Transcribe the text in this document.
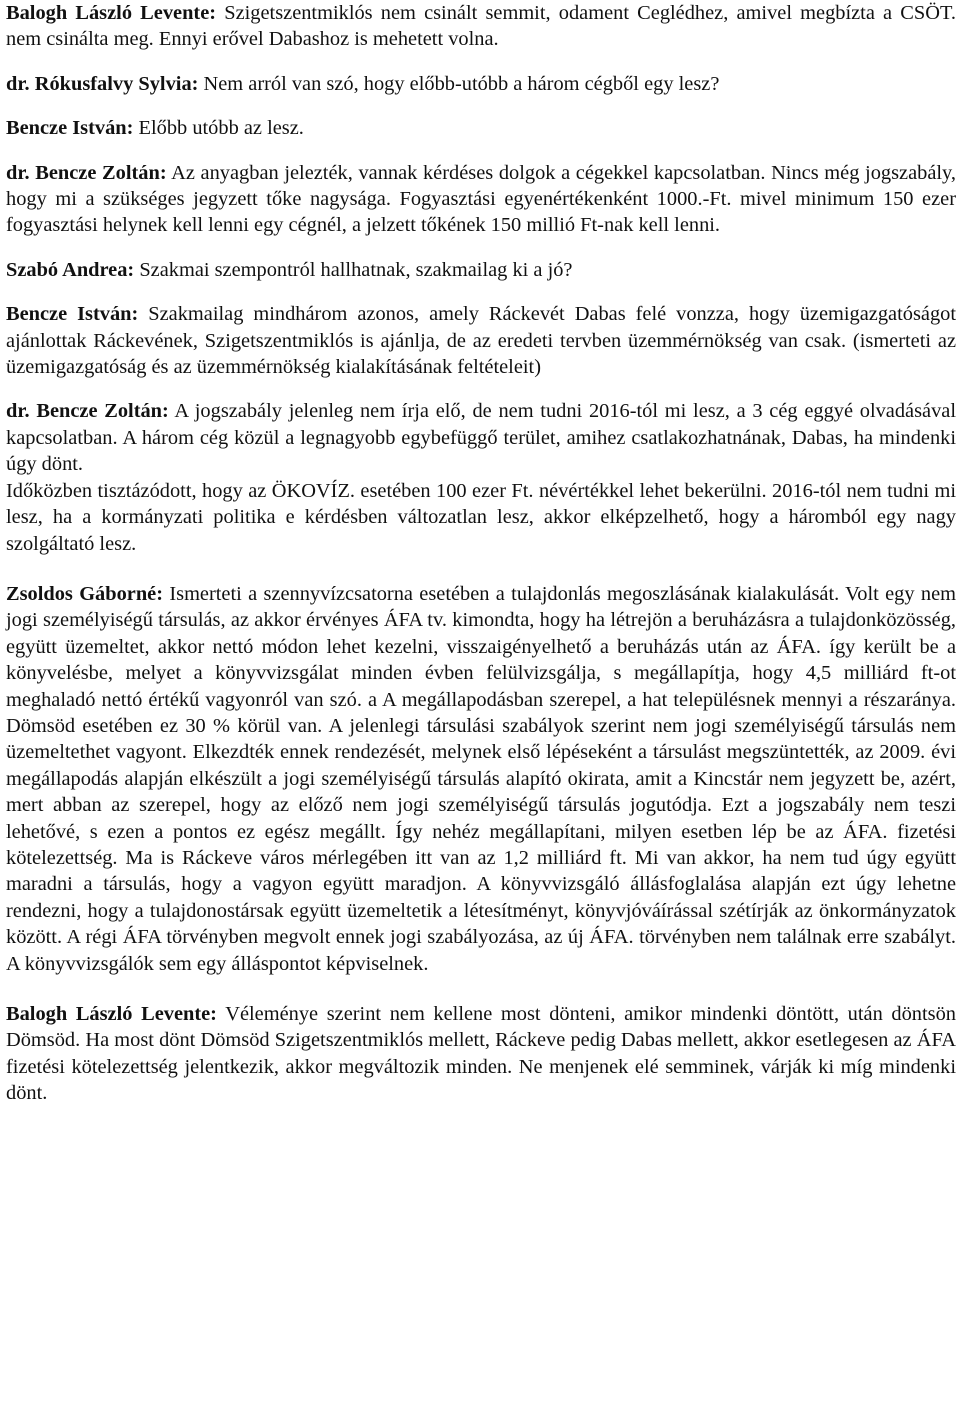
Balogh László Levente: Szigetszentmiklós nem csinált semmit, odament Ceglédhez, amivel megbízta a CSÖT. nem csinálta meg. Ennyi erővel Dabashoz is mehetett volna.

dr. Rókusfalvy Sylvia: Nem arról van szó, hogy előbb-utóbb a három cégből egy lesz?

Bencze István: Előbb utóbb az lesz.

dr. Bencze Zoltán: Az anyagban jelezték, vannak kérdéses dolgok a cégekkel kapcsolatban. Nincs még jogszabály, hogy mi a szükséges jegyzett tőke nagysága. Fogyasztási egyenértékenként 1000.-Ft. mivel minimum 150 ezer fogyasztási helynek kell lenni egy cégnél, a jelzett tőkének 150 millió Ft-nak kell lenni.

Szabó Andrea: Szakmai szempontról hallhatnak, szakmailag ki a jó?

Bencze István: Szakmailag mindhárom azonos, amely Ráckevét Dabas felé vonzza, hogy üzemigazgatóságot ajánlottak Ráckevének, Szigetszentmiklós is ajánlja, de az eredeti tervben üzemmérnökség van csak. (ismerteti az üzemigazgatóság és az üzemmérnökség kialakításának feltételeit)

dr. Bencze Zoltán: A jogszabály jelenleg nem írja elő, de nem tudni 2016-tól mi lesz, a 3 cég eggyé olvadásával kapcsolatban. A három cég közül a legnagyobb egybefüggő terület, amihez csatlakozhatnának, Dabas, ha mindenki úgy dönt.

Időközben tisztázódott, hogy az ÖKOVÍZ. esetében 100 ezer Ft. névértékkel lehet bekerülni. 2016-tól nem tudni mi lesz, ha a kormányzati politika e kérdésben változatlan lesz, akkor elképzelhető, hogy a háromból egy nagy szolgáltató lesz.

Zsoldos Gáborné: Ismerteti a szennyvízcsatorna esetében a tulajdonlás megoszlásának kialakulását. Volt egy nem jogi személyiségű társulás, az akkor érvényes ÁFA tv. kimondta, hogy ha létrejön a beruházásra a tulajdonközösség, együtt üzemeltet, akkor nettó módon lehet kezelni, visszaigényelhető a beruházás után az ÁFA. így került be a könyvelésbe, melyet a könyvvizsgálat minden évben felülvizsgálja, s megállapítja, hogy 4,5 milliárd ft-ot meghaladó nettó értékű vagyonról van szó. a A megállapodásban szerepel, a hat településnek mennyi a részaránya. Dömsöd esetében ez 30 % körül van. A jelenlegi társulási szabályok szerint nem jogi személyiségű társulás nem üzemeltethet vagyont. Elkezdték ennek rendezését, melynek első lépéseként a társulást megszüntették, az 2009. évi megállapodás alapján elkészült a jogi személyiségű társulás alapító okirata, amit a Kincstár nem jegyzett be, azért, mert abban az szerepel, hogy az előző nem jogi személyiségű társulás jogutódja. Ezt a jogszabály nem teszi lehetővé, s ezen a pontos ez egész megállt. Így nehéz megállapítani, milyen esetben lép be az ÁFA. fizetési kötelezettség. Ma is Ráckeve város mérlegében itt van az 1,2 milliárd ft. Mi van akkor, ha nem tud úgy együtt maradni a társulás, hogy a vagyon együtt maradjon. A könyvvizsgáló állásfoglalása alapján ezt úgy lehetne rendezni, hogy a tulajdonostársak együtt üzemeltetik a létesítményt, könyvjóváírással szétírják az önkormányzatok között. A régi ÁFA törvényben megvolt ennek jogi szabályozása, az új ÁFA. törvényben nem találnak erre szabályt. A könyvvizsgálók sem egy álláspontot képviselnek.

Balogh László Levente: Véleménye szerint nem kellene most dönteni, amikor mindenki döntött, után döntsön Dömsöd. Ha most dönt Dömsöd Szigetszentmiklós mellett, Ráckeve pedig Dabas mellett, akkor esetlegesen az ÁFA fizetési kötelezettség jelentkezik, akkor megváltozik minden. Ne menjenek elé semminek, várják ki míg mindenki dönt.
